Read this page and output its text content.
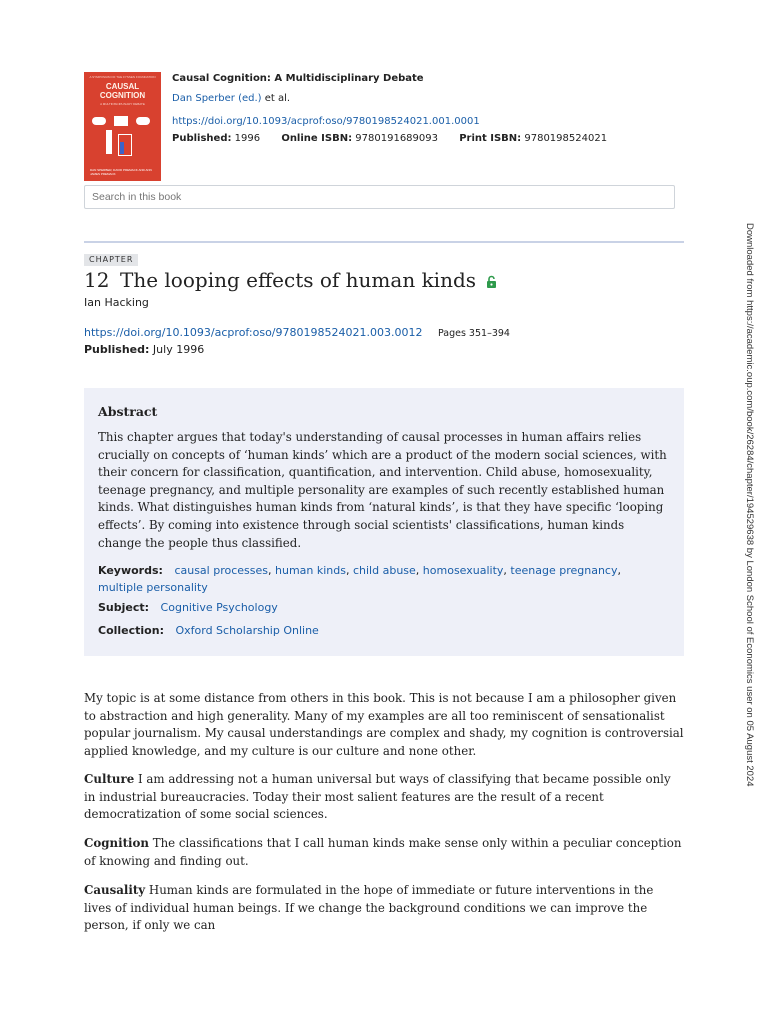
A SYMPOSIUM OF THE FYSSEN FOUNDATION
CAUSAL COGNITION
A MULTIDISCIPLINARY DEBATE
DAN SPERBER, DAVID PREMACK AND ANN JAMES PREMACK
Causal Cognition: A Multidisciplinary Debate
Dan Sperber (ed.) et al.
https://doi.org/10.1093/acprof:oso/9780198524021.001.0001
Published: 1996 Online ISBN: 9780191689093 Print ISBN: 9780198524021
Search in this book
CHAPTER
12 The looping effects of human kinds
Ian Hacking
https://doi.org/10.1093/acprof:oso/9780198524021.003.0012 Pages 351–394
Published: July 1996
Abstract

This chapter argues that today's understanding of causal processes in human affairs relies crucially on concepts of ‘human kinds’ which are a product of the modern social sciences, with their concern for classification, quantification, and intervention. Child abuse, homosexuality, teenage pregnancy, and multiple personality are examples of such recently established human kinds. What distinguishes human kinds from ‘natural kinds’, is that they have specific ‘looping effects’. By coming into existence through social scientists' classifications, human kinds change the people thus classified.

Keywords: causal processes, human kinds, child abuse, homosexuality, teenage pregnancy, multiple personality
Subject: Cognitive Psychology
Collection: Oxford Scholarship Online

My topic is at some distance from others in this book. This is not because I am a philosopher given to abstraction and high generality. Many of my examples are all too reminiscent of sensationalist popular journalism. My causal understandings are complex and shady, my cognition is controversial applied knowledge, and my culture is our culture and none other.

Culture I am addressing not a human universal but ways of classifying that became possible only in industrial bureaucracies. Today their most salient features are the result of a recent democratization of some social sciences.

Cognition The classifications that I call human kinds make sense only within a peculiar conception of knowing and finding out.

Causality Human kinds are formulated in the hope of immediate or future interventions in the lives of individual human beings. If we change the background conditions we can improve the person, if only we can

Downloaded from https://academic.oup.com/book/26284/chapter/194529638 by London School of Economics user on 05 August 2024
